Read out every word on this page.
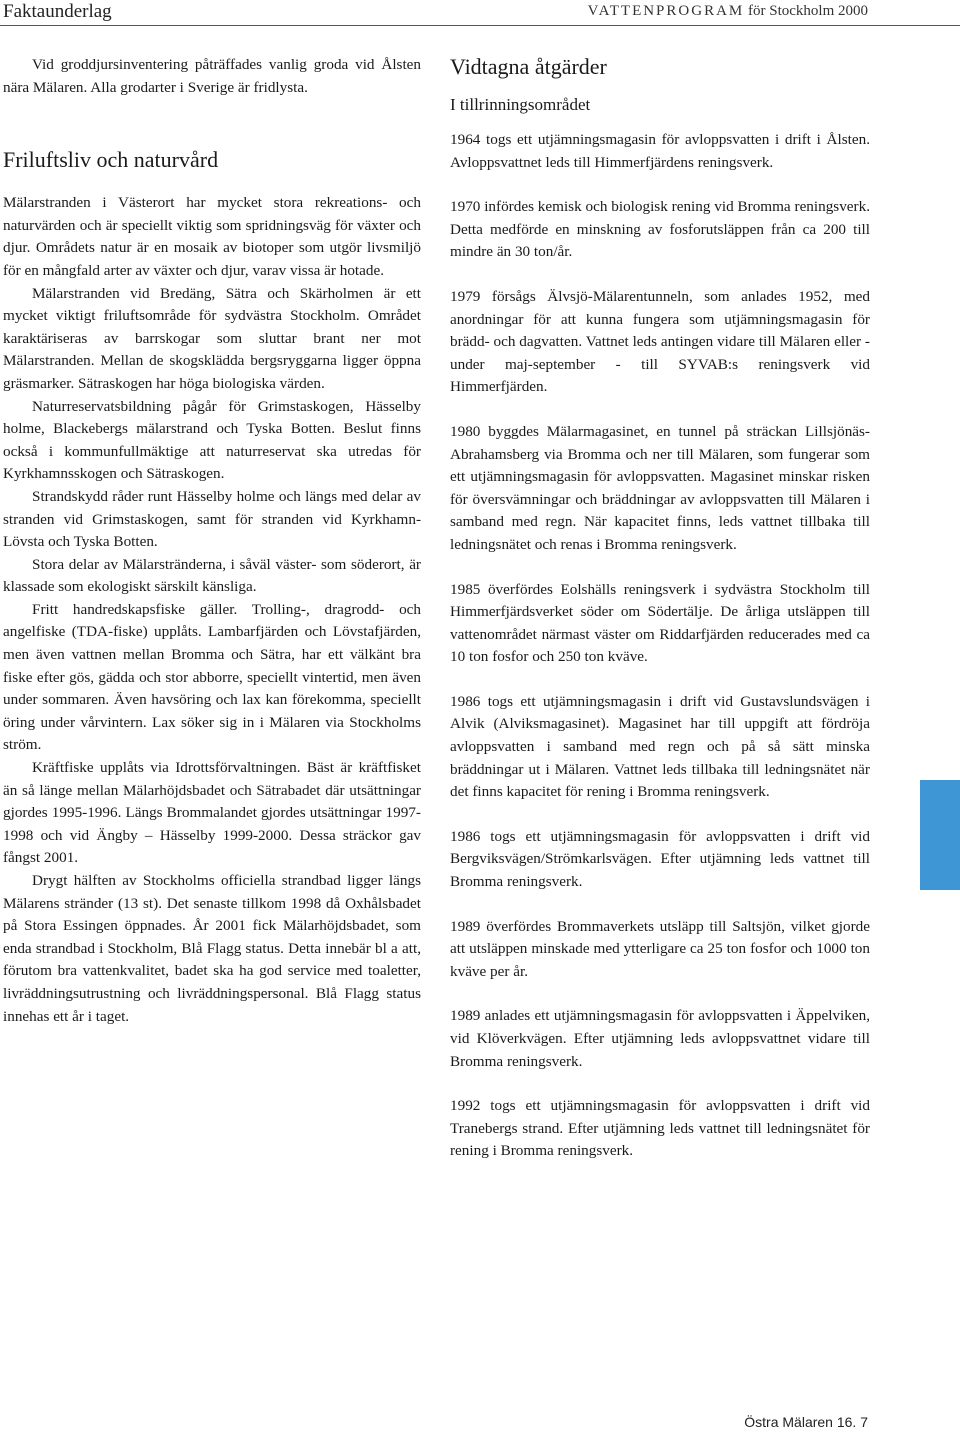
Faktaunderlag	VATTENPROGRAM för Stockholm 2000

Vid groddjursinventering påträffades vanlig groda vid Ålsten nära Mälaren. Alla grodarter i Sverige är fridlysta.

Friluftsliv och naturvård

Mälarstranden i Västerort har mycket stora rekreations- och naturvärden och är speciellt viktig som spridningsväg för växter och djur. Områdets natur är en mosaik av biotoper som utgör livsmiljö för en mångfald arter av växter och djur, varav vissa är hotade.

Mälarstranden vid Bredäng, Sätra och Skärholmen är ett mycket viktigt friluftsområde för sydvästra Stockholm. Området karaktäriseras av barrskogar som sluttar brant ner mot Mälarstranden. Mellan de skogsklädda bergsryggarna ligger öppna gräsmarker. Sätraskogen har höga biologiska värden.

Naturreservatsbildning pågår för Grimstaskogen, Hässelby holme, Blackebergs mälarstrand och Tyska Botten. Beslut finns också i kommunfullmäktige att naturreservat ska utredas för Kyrkhamnsskogen och Sätraskogen.

Strandskydd råder runt Hässelby holme och längs med delar av stranden vid Grimstaskogen, samt för stranden vid Kyrkhamn-Lövsta och Tyska Botten.

Stora delar av Mälarstränderna, i såväl väster- som söderort, är klassade som ekologiskt särskilt känsliga.

Fritt handredskapsfiske gäller. Trolling-, dragrodd- och angelfiske (TDA-fiske) upplåts. Lambarfjärden och Lövstafjärden, men även vattnen mellan Bromma och Sätra, har ett välkänt bra fiske efter gös, gädda och stor abborre, speciellt vintertid, men även under sommaren. Även havsöring och lax kan förekomma, speciellt öring under vårvintern. Lax söker sig in i Mälaren via Stockholms ström.

Kräftfiske upplåts via Idrottsförvaltningen. Bäst är kräftfisket än så länge mellan Mälarhöjdsbadet och Sätrabadet där utsättningar gjordes 1995-1996. Längs Brommalandet gjordes utsättningar 1997-1998 och vid Ängby – Hässelby 1999-2000. Dessa sträckor gav fångst 2001.

Drygt hälften av Stockholms officiella strandbad ligger längs Mälarens stränder (13 st). Det senaste tillkom 1998 då Oxhålsbadet på Stora Essingen öppnades. År 2001 fick Mälarhöjdsbadet, som enda strandbad i Stockholm, Blå Flagg status. Detta innebär bl a att, förutom bra vattenkvalitet, badet ska ha god service med toaletter, livräddningsutrustning och livräddningspersonal. Blå Flagg status innehas ett år i taget.

Vidtagna åtgärder
I tillrinningsområdet

1964 togs ett utjämningsmagasin för avloppsvatten i drift i Ålsten. Avloppsvattnet leds till Himmerfjärdens reningsverk.

1970 infördes kemisk och biologisk rening vid Bromma reningsverk. Detta medförde en minskning av fosforutsläppen från ca 200 till mindre än 30 ton/år.

1979 försågs Älvsjö-Mälarentunneln, som anlades 1952, med anordningar för att kunna fungera som utjämningsmagasin för brädd- och dagvatten. Vattnet leds antingen vidare till Mälaren eller - under maj-september - till SYVAB:s reningsverk vid Himmerfjärden.

1980 byggdes Mälarmagasinet, en tunnel på sträckan Lillsjönäs-Abrahamsberg via Bromma och ner till Mälaren, som fungerar som ett utjämningsmagasin för avloppsvatten. Magasinet minskar risken för översvämningar och bräddningar av avloppsvatten till Mälaren i samband med regn. När kapacitet finns, leds vattnet tillbaka till ledningsnätet och renas i Bromma reningsverk.

1985 överfördes Eolshälls reningsverk i sydvästra Stockholm till Himmerfjärdsverket söder om Södertälje. De årliga utsläppen till vattenområdet närmast väster om Riddarfjärden reducerades med ca 10 ton fosfor och 250 ton kväve.

1986 togs ett utjämningsmagasin i drift vid Gustavslundsvägen i Alvik (Alviksmagasinet). Magasinet har till uppgift att fördröja avloppsvatten i samband med regn och på så sätt minska bräddningar ut i Mälaren. Vattnet leds tillbaka till ledningsnätet när det finns kapacitet för rening i Bromma reningsverk.

1986 togs ett utjämningsmagasin för avloppsvatten i drift vid Bergviksvägen/Strömkarlsvägen. Efter utjämning leds vattnet till Bromma reningsverk.

1989 överfördes Brommaverkets utsläpp till Saltsjön, vilket gjorde att utsläppen minskade med ytterligare ca 25 ton fosfor och 1000 ton kväve per år.

1989 anlades ett utjämningsmagasin för avloppsvatten i Äppelviken, vid Klöverkvägen. Efter utjämning leds avloppsvattnet vidare till Bromma reningsverk.

1992 togs ett utjämningsmagasin för avloppsvatten i drift vid Tranebergs strand. Efter utjämning leds vattnet till ledningsnätet för rening i Bromma reningsverk.

Östra Mälaren 16. 7
